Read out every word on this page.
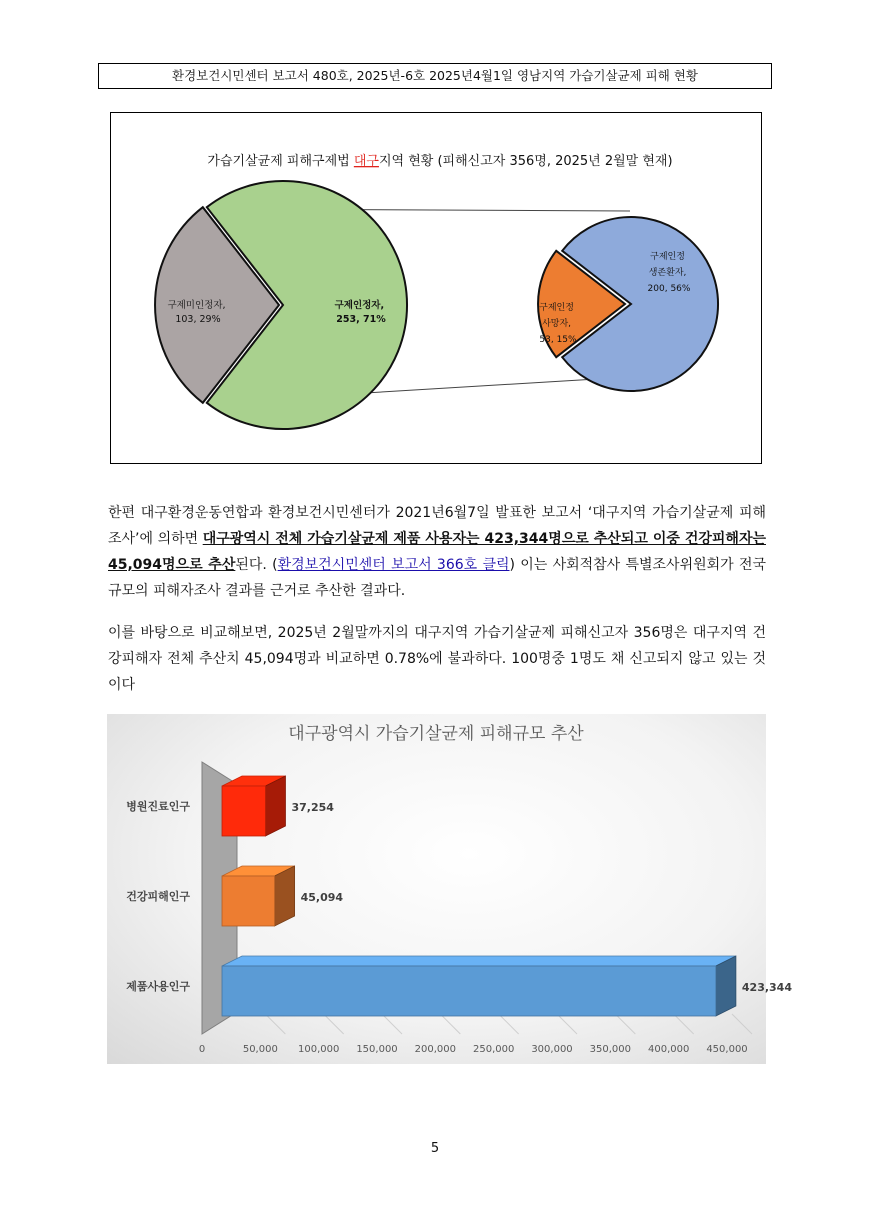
환경보건시민센터 보고서 480호, 2025년-6호 2025년4월1일 영남지역 가습기살균제 피해 현황
가습기살균제 피해구제법 대구지역 현황 (피해신고자 356명, 2025년 2월말 현재)
구제인정자, 253, 71%
구제미인정자, 103, 29%
구제인정 생존환자, 200, 56%
구제인정 사망자, 53, 15%

한편 대구환경운동연합과 환경보건시민센터가 2021년6월7일 발표한 보고서 ‘대구지역 가습기살균제 피해조사’에 의하면 대구광역시 전체 가습기살균제 제품 사용자는 423,344명으로 추산되고 이중 건강피해자는 45,094명으로 추산된다. (환경보건시민센터 보고서 366호 클릭) 이는 사회적참사 특별조사위원회가 전국규모의 피해자조사 결과를 근거로 추산한 결과다.

이를 바탕으로 비교해보면, 2025년 2월말까지의 대구지역 가습기살균제 피해신고자 356명은 대구지역 건강피해자 전체 추산치 45,094명과 비교하면 0.78%에 불과하다. 100명중 1명도 채 신고되지 않고 있는 것이다

대구광역시 가습기살균제 피해규모 추산
병원진료인구
건강피해인구
제품사용인구
37,254
45,094
423,344
0	50,000 100,000 150,000 200,000 250,000 300,000 350,000 400,000 450,000
5
